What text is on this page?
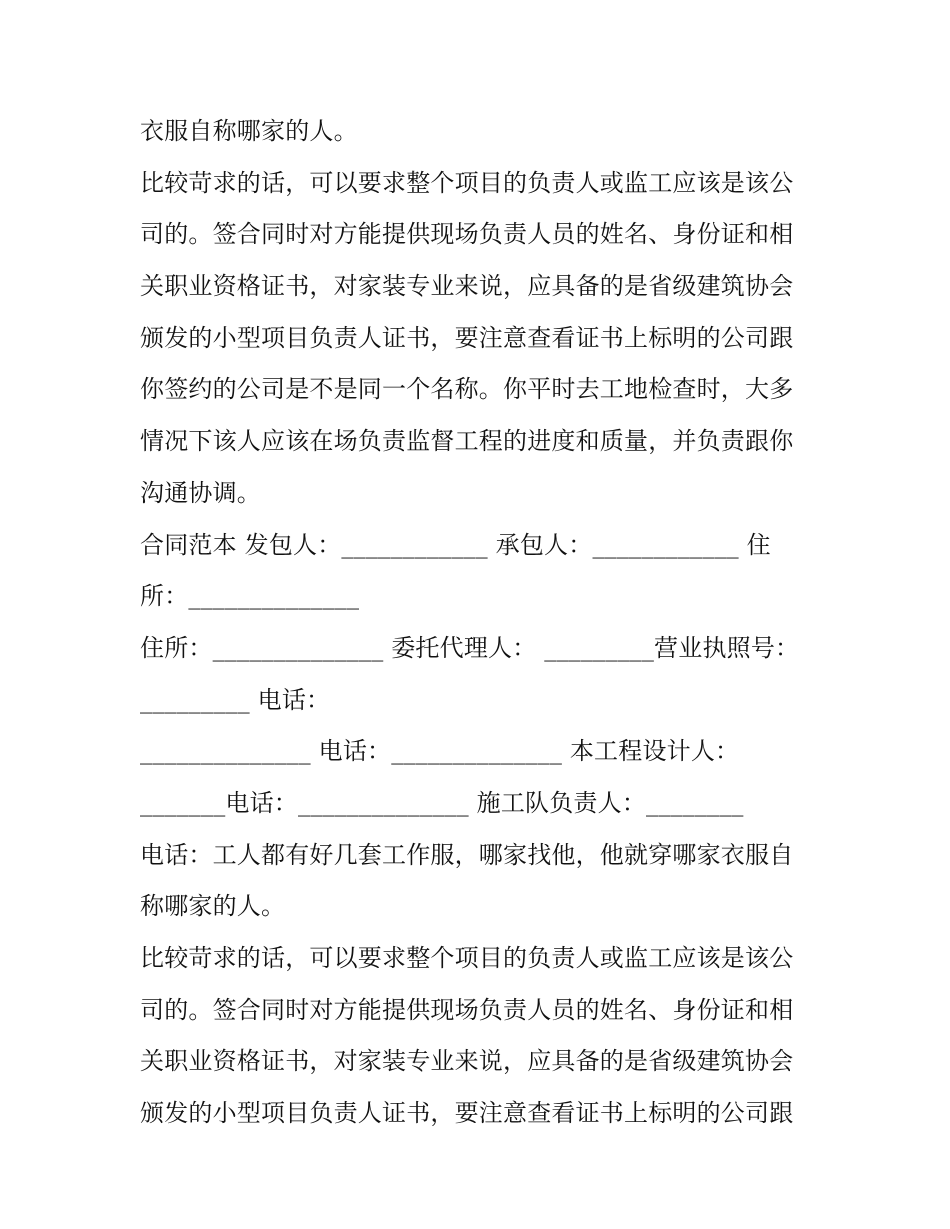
衣服自称哪家的人。

比较苛求的话，可以要求整个项目的负责人或监工应该是该公
司的。签合同时对方能提供现场负责人员的姓名、身份证和相
关职业资格证书，对家装专业来说，应具备的是省级建筑协会
颁发的小型项目负责人证书，要注意查看证书上标明的公司跟
你签约的公司是不是同一个名称。你平时去工地检查时，大多
情况下该人应该在场负责监督工程的进度和质量，并负责跟你
沟通协调。

合同范本 发包人：____________ 承包人：____________ 住
所：______________

住所：______________ 委托代理人： _________营业执照号：
_________ 电话：

______________ 电话：______________ 本工程设计人：
_______电话：______________ 施工队负责人：________

电话：工人都有好几套工作服，哪家找他，他就穿哪家衣服自
称哪家的人。

比较苛求的话，可以要求整个项目的负责人或监工应该是该公
司的。签合同时对方能提供现场负责人员的姓名、身份证和相
关职业资格证书，对家装专业来说，应具备的是省级建筑协会
颁发的小型项目负责人证书，要注意查看证书上标明的公司跟
